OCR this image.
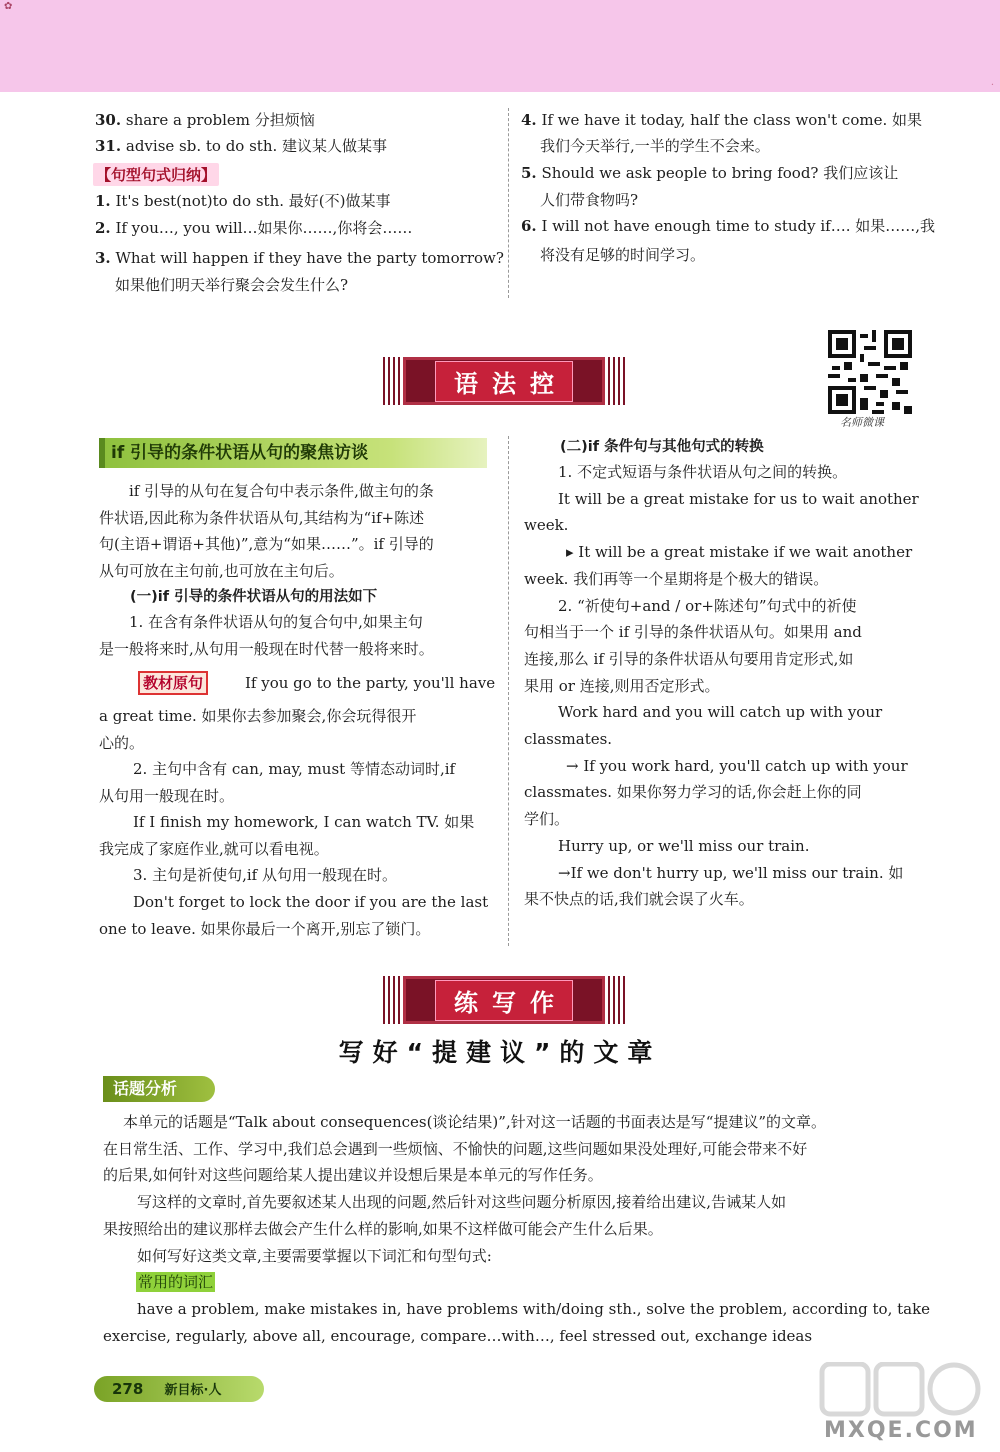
✿
·
30. share a problem 分担烦恼
31. advise sb. to do sth. 建议某人做某事
【句型句式归纳】
1. It's best(not)to do sth. 最好(不)做某事
2. If you…, you will…如果你……,你将会……
3. What will happen if they have the party tomorrow?
如果他们明天举行聚会会发生什么?
4. If we have it today, half the class won't come. 如果
我们今天举行,一半的学生不会来。
5. Should we ask people to bring food? 我们应该让
人们带食物吗?
6. I will not have enough time to study if…. 如果……,我
将没有足够的时间学习。
语法控
名师微课
if 引导的条件状语从句的聚焦访谈
if 引导的从句在复合句中表示条件,做主句的条
件状语,因此称为条件状语从句,其结构为“if+陈述
句(主语+谓语+其他)”,意为“如果……”。if 引导的
从句可放在主句前,也可放在主句后。
(一)if 引导的条件状语从句的用法如下
1. 在含有条件状语从句的复合句中,如果主句
是一般将来时,从句用一般现在时代替一般将来时。
教材原句	If you go to the party, you'll have
a great time. 如果你去参加聚会,你会玩得很开
心的。
2. 主句中含有 can, may, must 等情态动词时,if
从句用一般现在时。
If I finish my homework, I can watch TV. 如果
我完成了家庭作业,就可以看电视。
3. 主句是祈使句,if 从句用一般现在时。
Don't forget to lock the door if you are the last
one to leave. 如果你最后一个离开,别忘了锁门。
(二)if 条件句与其他句式的转换
1. 不定式短语与条件状语从句之间的转换。
It will be a great mistake for us to wait another
week.
▸ It will be a great mistake if we wait another
week. 我们再等一个星期将是个极大的错误。
2. “祈使句+and / or+陈述句”句式中的祈使
句相当于一个 if 引导的条件状语从句。如果用 and
连接,那么 if 引导的条件状语从句要用肯定形式,如
果用 or 连接,则用否定形式。
Work hard and you will catch up with your
classmates.
→ If you work hard, you'll catch up with your
classmates. 如果你努力学习的话,你会赶上你的同
学们。
Hurry up, or we'll miss our train.
→If we don't hurry up, we'll miss our train. 如
果不快点的话,我们就会误了火车。
练写作
写好“提建议”的文章
话题分析
本单元的话题是“Talk about consequences(谈论结果)”,针对这一话题的书面表达是写“提建议”的文章。
在日常生活、工作、学习中,我们总会遇到一些烦恼、不愉快的问题,这些问题如果没处理好,可能会带来不好
的后果,如何针对这些问题给某人提出建议并设想后果是本单元的写作任务。
写这样的文章时,首先要叙述某人出现的问题,然后针对这些问题分析原因,接着给出建议,告诫某人如
果按照给出的建议那样去做会产生什么样的影响,如果不这样做可能会产生什么后果。
如何写好这类文章,主要需要掌握以下词汇和句型句式:
常用的词汇
have a problem, make mistakes in, have problems with/doing sth., solve the problem, according to, take
exercise, regularly, above all, encourage, compare…with…, feel stressed out, exchange ideas
278 新目标·人
MXQE.COM
